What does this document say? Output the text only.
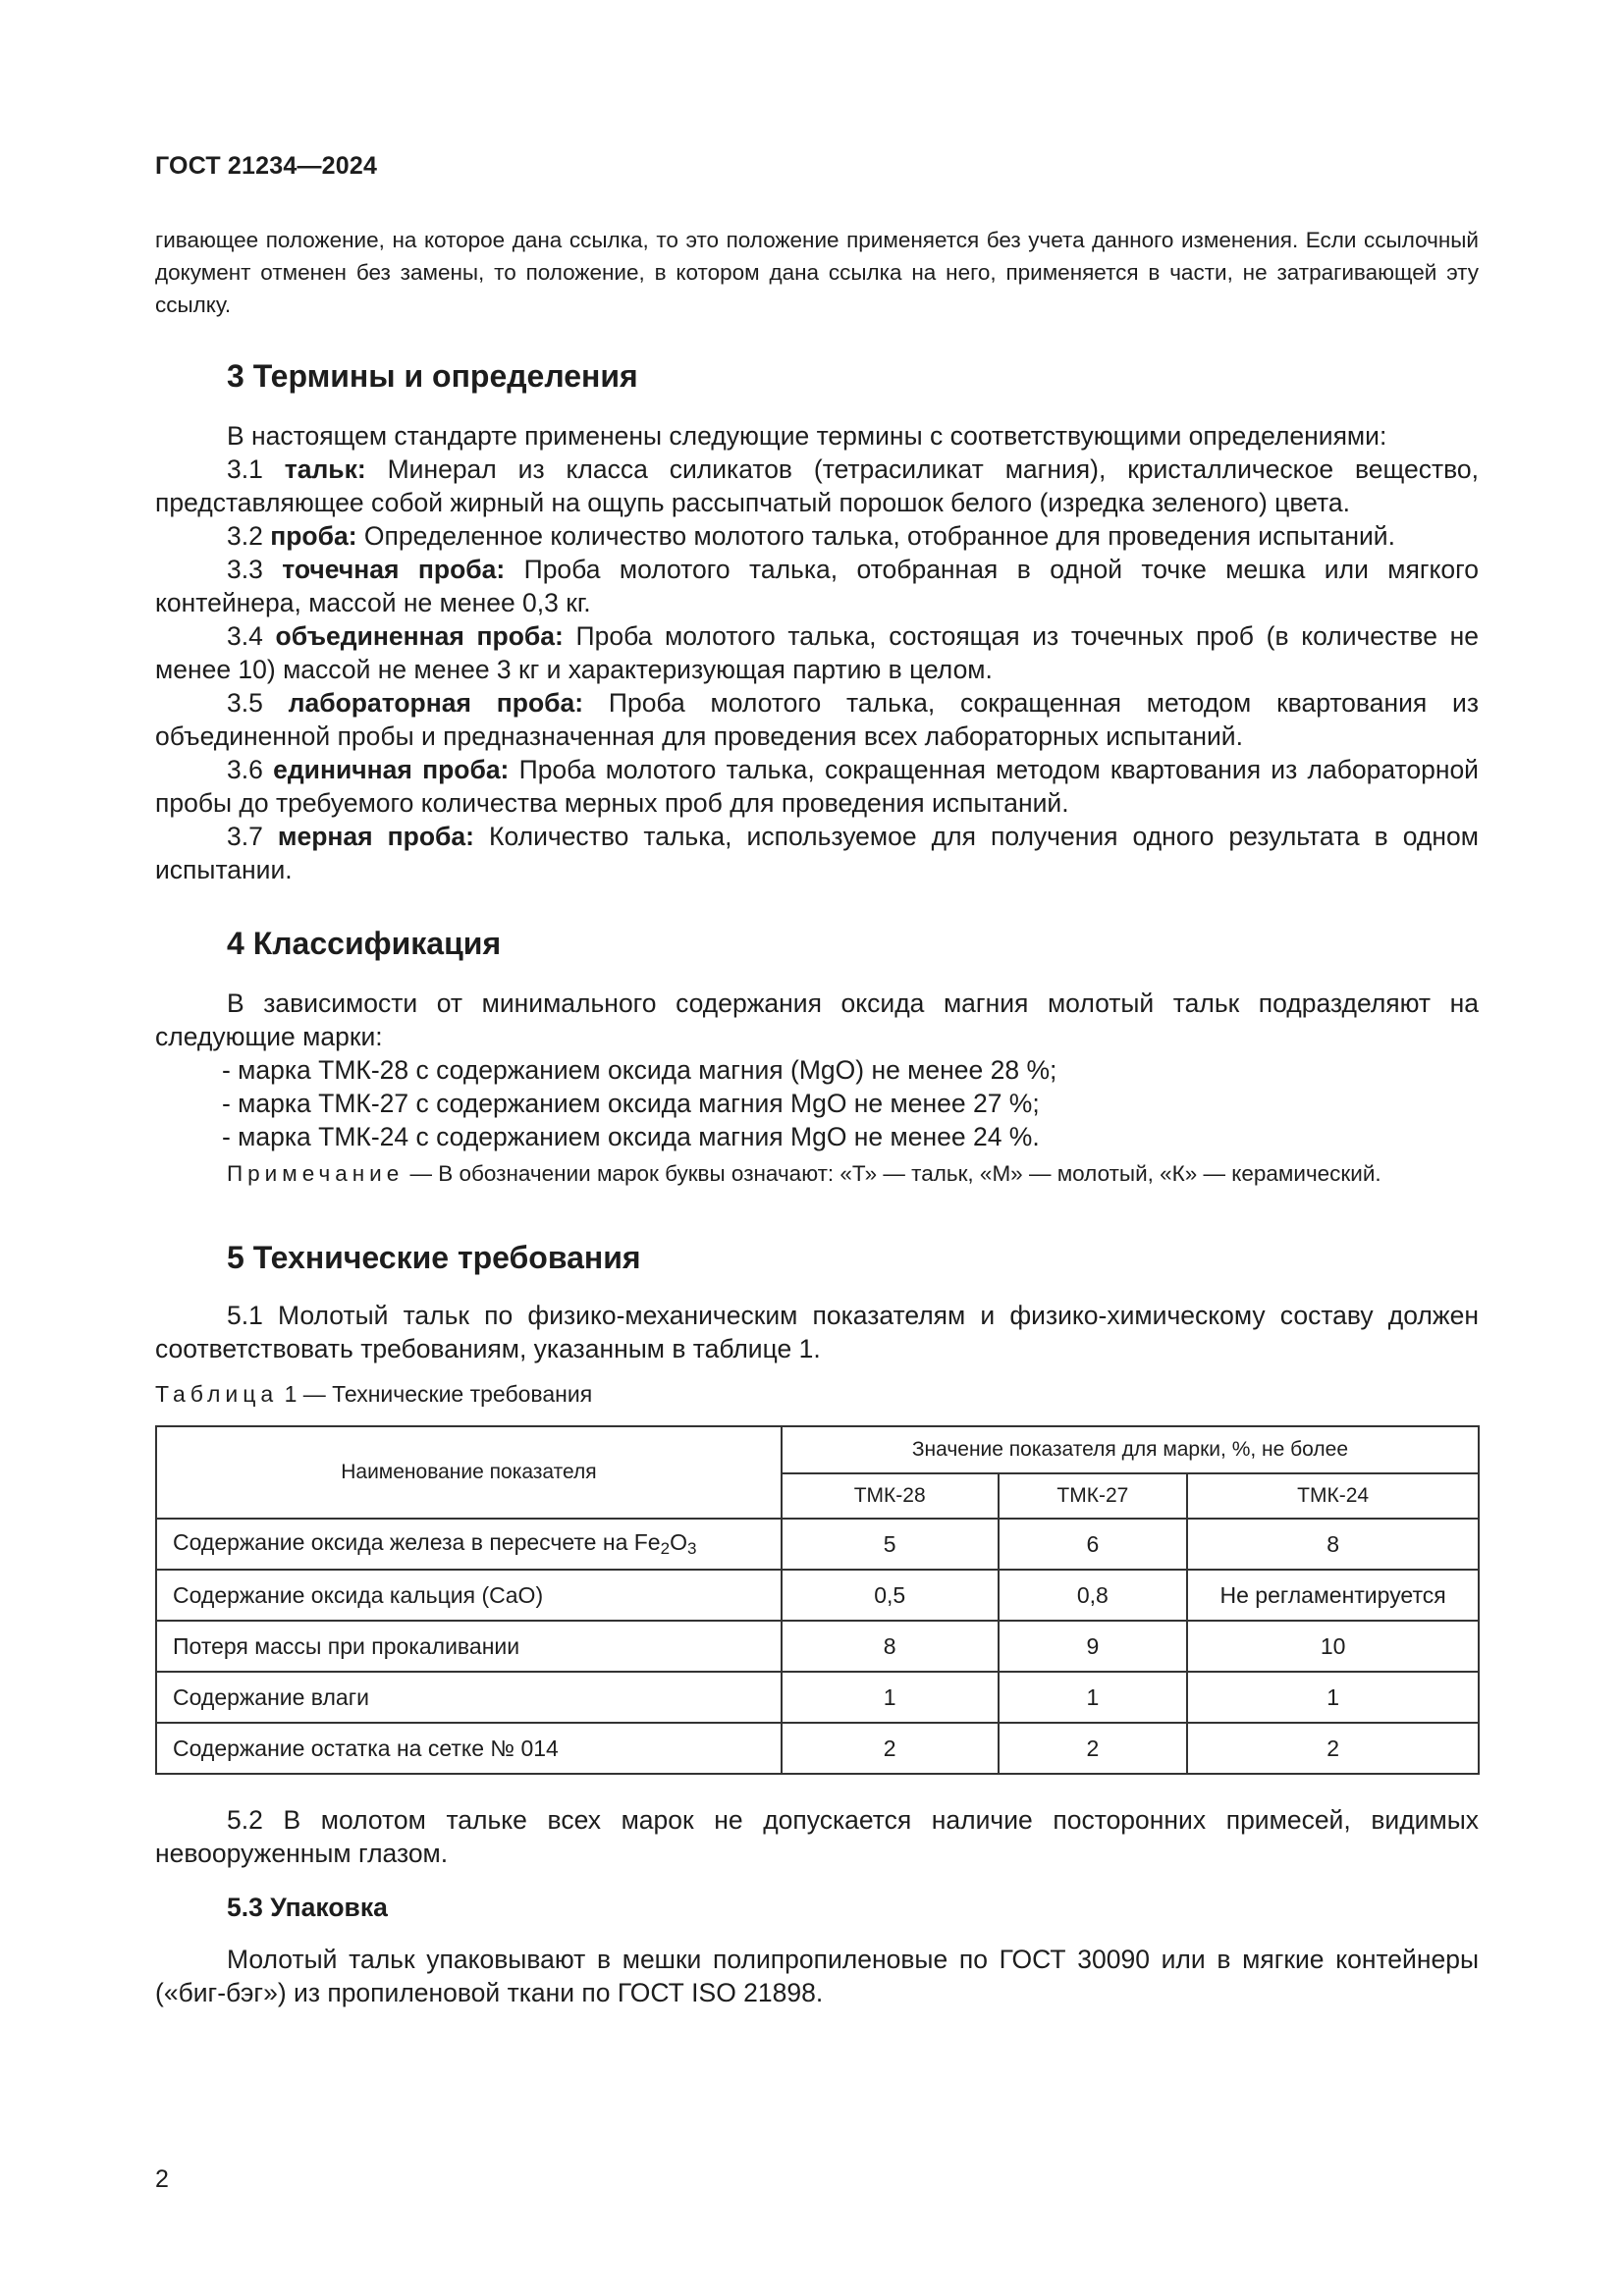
ГОСТ 21234—2024
гивающее положение, на которое дана ссылка, то это положение применяется без учета данного изменения. Если ссылочный документ отменен без замены, то положение, в котором дана ссылка на него, применяется в части, не затрагивающей эту ссылку.
3 Термины и определения

В настоящем стандарте применены следующие термины с соответствующими определениями:

3.1 тальк: Минерал из класса силикатов (тетрасиликат магния), кристаллическое вещество, представляющее собой жирный на ощупь рассыпчатый порошок белого (изредка зеленого) цвета.

3.2 проба: Определенное количество молотого талька, отобранное для проведения испытаний.

3.3 точечная проба: Проба молотого талька, отобранная в одной точке мешка или мягкого контейнера, массой не менее 0,3 кг.

3.4 объединенная проба: Проба молотого талька, состоящая из точечных проб (в количестве не менее 10) массой не менее 3 кг и характеризующая партию в целом.

3.5 лабораторная проба: Проба молотого талька, сокращенная методом квартования из объединенной пробы и предназначенная для проведения всех лабораторных испытаний.

3.6 единичная проба: Проба молотого талька, сокращенная методом квартования из лабораторной пробы до требуемого количества мерных проб для проведения испытаний.

3.7 мерная проба: Количество талька, используемое для получения одного результата в одном испытании.

4 Классификация

В зависимости от минимального содержания оксида магния молотый тальк подразделяют на следующие марки:

- марка ТМК-28 с содержанием оксида магния (MgO) не менее 28 %;
- марка ТМК-27 с содержанием оксида магния MgO не менее 27 %;
- марка ТМК-24 с содержанием оксида магния MgO не менее 24 %.
Примечание — В обозначении марок буквы означают: «Т» — тальк, «М» — молотый, «К» — керамический.
5 Технические требования

5.1 Молотый тальк по физико-механическим показателям и физико-химическому составу должен соответствовать требованиям, указанным в таблице 1.

Таблица 1 — Технические требования
Наименование показателя	Значение показателя для марки, %, не более		
	ТМК-28	ТМК-27	ТМК-24
Содержание оксида железа в пересчете на $Fe_2O_3$	5	6	8
Содержание оксида кальция (CaO)	0,5	0,8	Не регламентируется
Потеря массы при прокаливании	8	9	10
Содержание влаги	1	1	1
Содержание остатка на сетке № 014	2	2	2

5.2 В молотом тальке всех марок не допускается наличие посторонних примесей, видимых невооруженным глазом.

5.3 Упаковка

Молотый тальк упаковывают в мешки полипропиленовые по ГОСТ 30090 или в мягкие контейнеры («биг-бэг») из пропиленовой ткани по ГОСТ ISO 21898.

2
